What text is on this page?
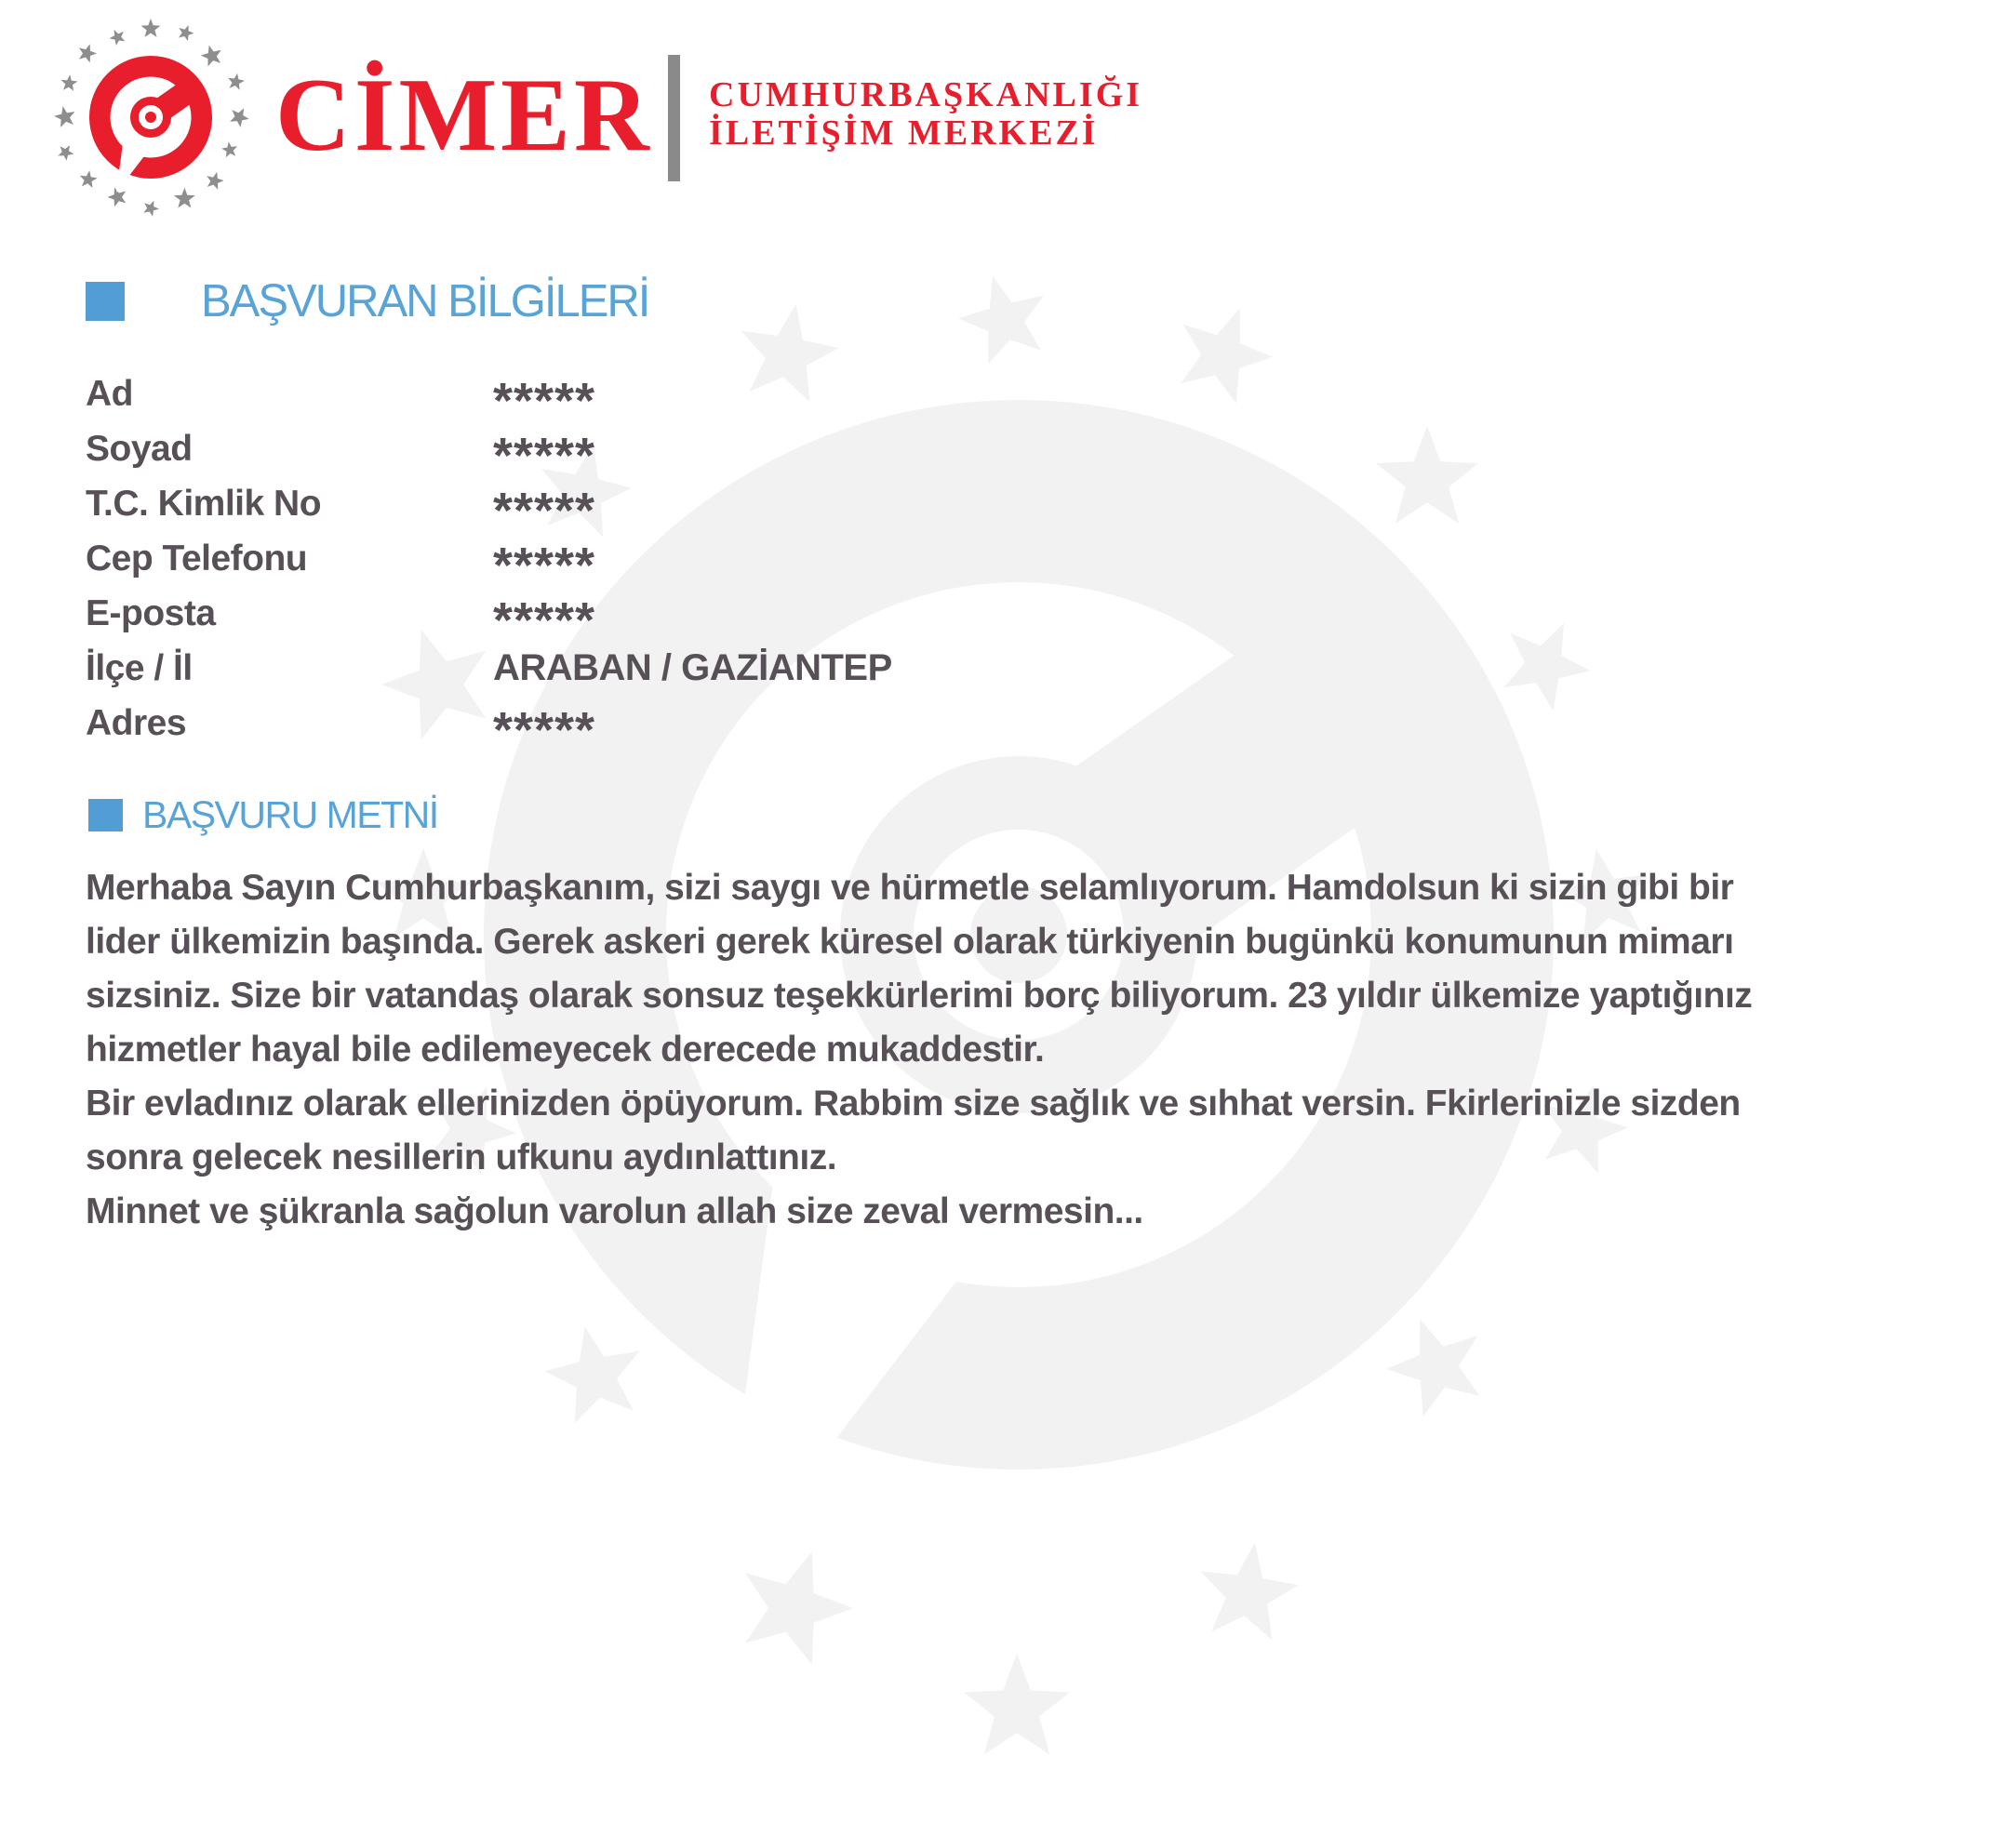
CİMER CUMHURBAŞKANLIĞI
İLETİŞİM MERKEZİ
BAŞVURAN BİLGİLERİ
Ad	*****
Soyad	*****
T.C. Kimlik No	*****
Cep Telefonu	*****
E-posta	*****
İlçe / İl	ARABAN / GAZİANTEP
Adres	*****
BAŞVURU METNİ
Merhaba Sayın Cumhurbaşkanım, sizi saygı ve hürmetle selamlıyorum. Hamdolsun ki sizin gibi bir
lider ülkemizin başında. Gerek askeri gerek küresel olarak türkiyenin bugünkü konumunun mimarı
sizsiniz. Size bir vatandaş olarak sonsuz teşekkürlerimi borç biliyorum. 23 yıldır ülkemize yaptığınız
hizmetler hayal bile edilemeyecek derecede mukaddestir.
Bir evladınız olarak ellerinizden öpüyorum. Rabbim size sağlık ve sıhhat versin. Fkirlerinizle sizden
sonra gelecek nesillerin ufkunu aydınlattınız.
Minnet ve şükranla sağolun varolun allah size zeval vermesin...
